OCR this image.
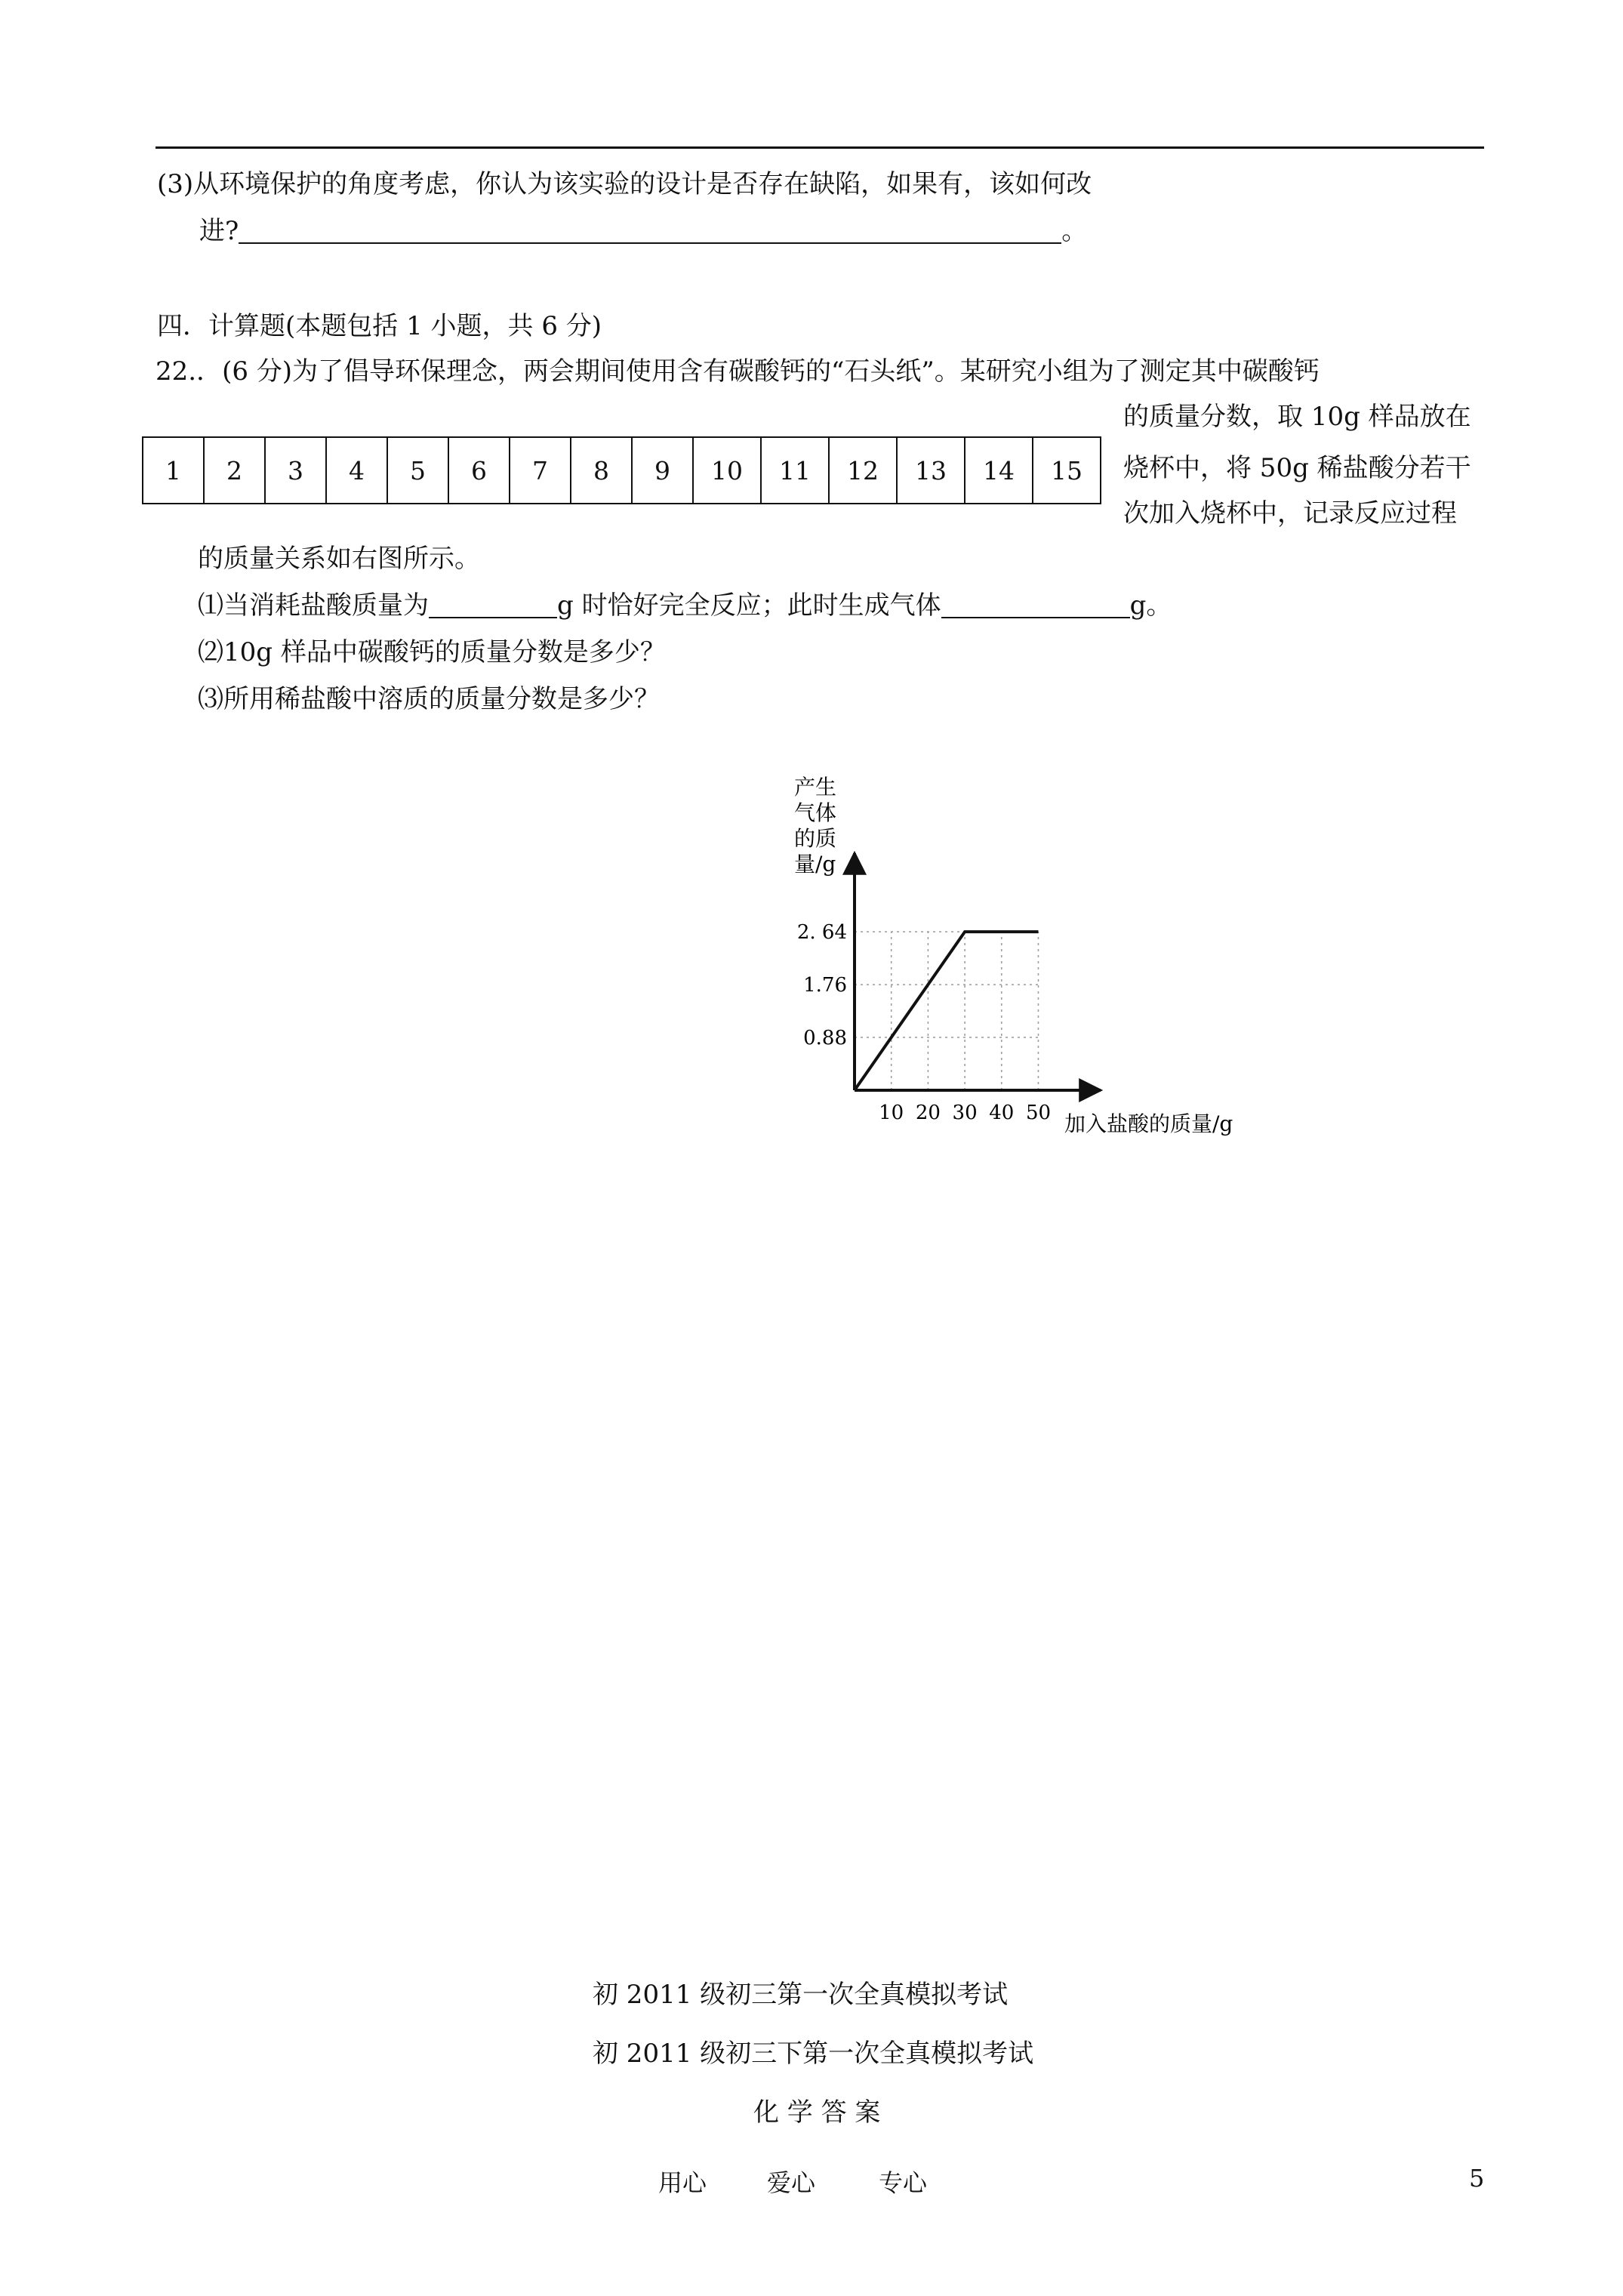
(3)从环境保护的角度考虑，你认为该实验的设计是否存在缺陷，如果有，该如何改
进?	。
四．计算题(本题包括 1 小题，共 6 分)
22.．(6 分)为了倡导环保理念，两会期间使用含有碳酸钙的“石头纸”。某研究小组为了测定其中碳酸钙
的质量分数，取 10g 样品放在
烧杯中，将 50g 稀盐酸分若干
次加入烧杯中，记录反应过程
1	2	3	4	5	6	7	8	9	10	11	12	13	14	15
的质量关系如右图所示。
⑴当消耗盐酸质量为	g 时恰好完全反应；此时生成气体	g。
⑵10g 样品中碳酸钙的质量分数是多少？
⑶所用稀盐酸中溶质的质量分数是多少？
产生
气体
的质
量/g
10 20 30 40 50
0.88
1.76
2. 64
加入盐酸的质量/g
初 2011 级初三第一次全真模拟考试
初 2011 级初三下第一次全真模拟考试
化 学 答 案
用心 爱心	专心	5
